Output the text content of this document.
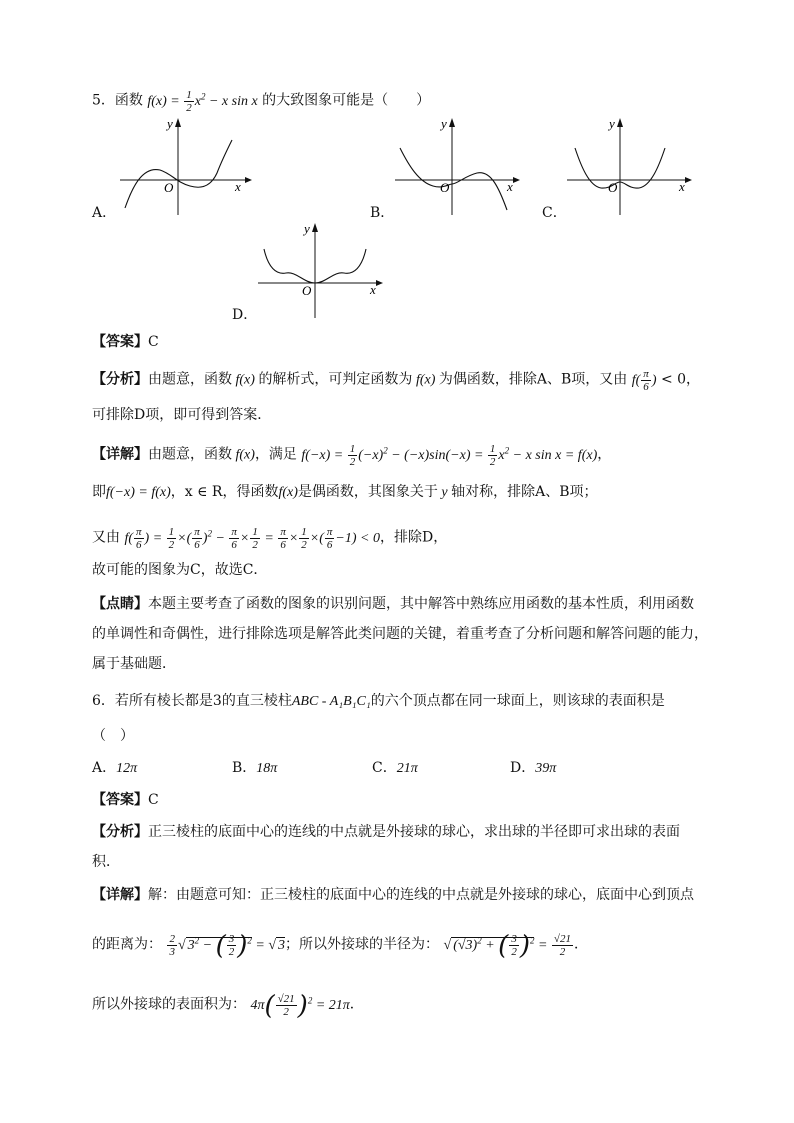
5．函数 $f(x) = \frac{1}{2} x^2 - x$ sin x 的大致图象可能是（　　）
x
y
O
A．
x
y
O
B．
x
y
O
C．
x
y
O
D．
【答案】C
【分析】由题意，函数 f(x) 的解析式，可判定函数为 f(x) 为偶函数，排除A、B项，又由 $f( \frac{\pi}{6}$ ) < 0，
可排除D项，即可得到答案．
【详解】由题意，函数 f(x)，满足 $f(-x) = \frac{1}{2} (-x)^2 - (-x)\sin(-x) = \frac{1}{2} x^2 - x$ sin x = f(x)，
即f(−x) = f(x)，x ∈ R，得函数f(x)是偶函数，其图象关于 y 轴对称，排除A、B项；
又由 $f( \frac{\pi}{6}$ ) = $\frac{1}{2}$ ×( $\frac{\pi}{6} )^2 - \frac{\pi}{6} \times \frac{1}{2} = \frac{\pi}{6} \times \frac{1}{2}$ ×( $\frac{\pi}{6} -1) < 0$，排除D，
故可能的图象为C，故选C．
【点睛】本题主要考查了函数的图象的识别问题，其中解答中熟练应用函数的基本性质，利用函数
的单调性和奇偶性，进行排除选项是解答此类问题的关键，着重考查了分析问题和解答问题的能力，
属于基础题．
6．若所有棱长都是3的直三棱柱ABC - A₁B₁C₁的六个顶点都在同一球面上，则该球的表面积是
（　）
A．12π	B．18π	C．21π	D．39π
【答案】C
【分析】正三棱柱的底面中心的连线的中点就是外接球的球心，求出球的半径即可求出球的表面
积．
【详解】解：由题意可知：正三棱柱的底面中心的连线的中点就是外接球的球心，底面中心到顶点
的距离为： $\frac{2}{3}$ √ $3^2$ − ( $\frac{3}{2} )^2$ = √ 3；所以外接球的半径为： √ $(√3)^2$ + ( $\frac{3}{2} )^2 = \frac{√21}{2}$ ．
所以外接球的表面积为： $4\pi( \frac{√21}{2} )^2 = 21\pi$．
